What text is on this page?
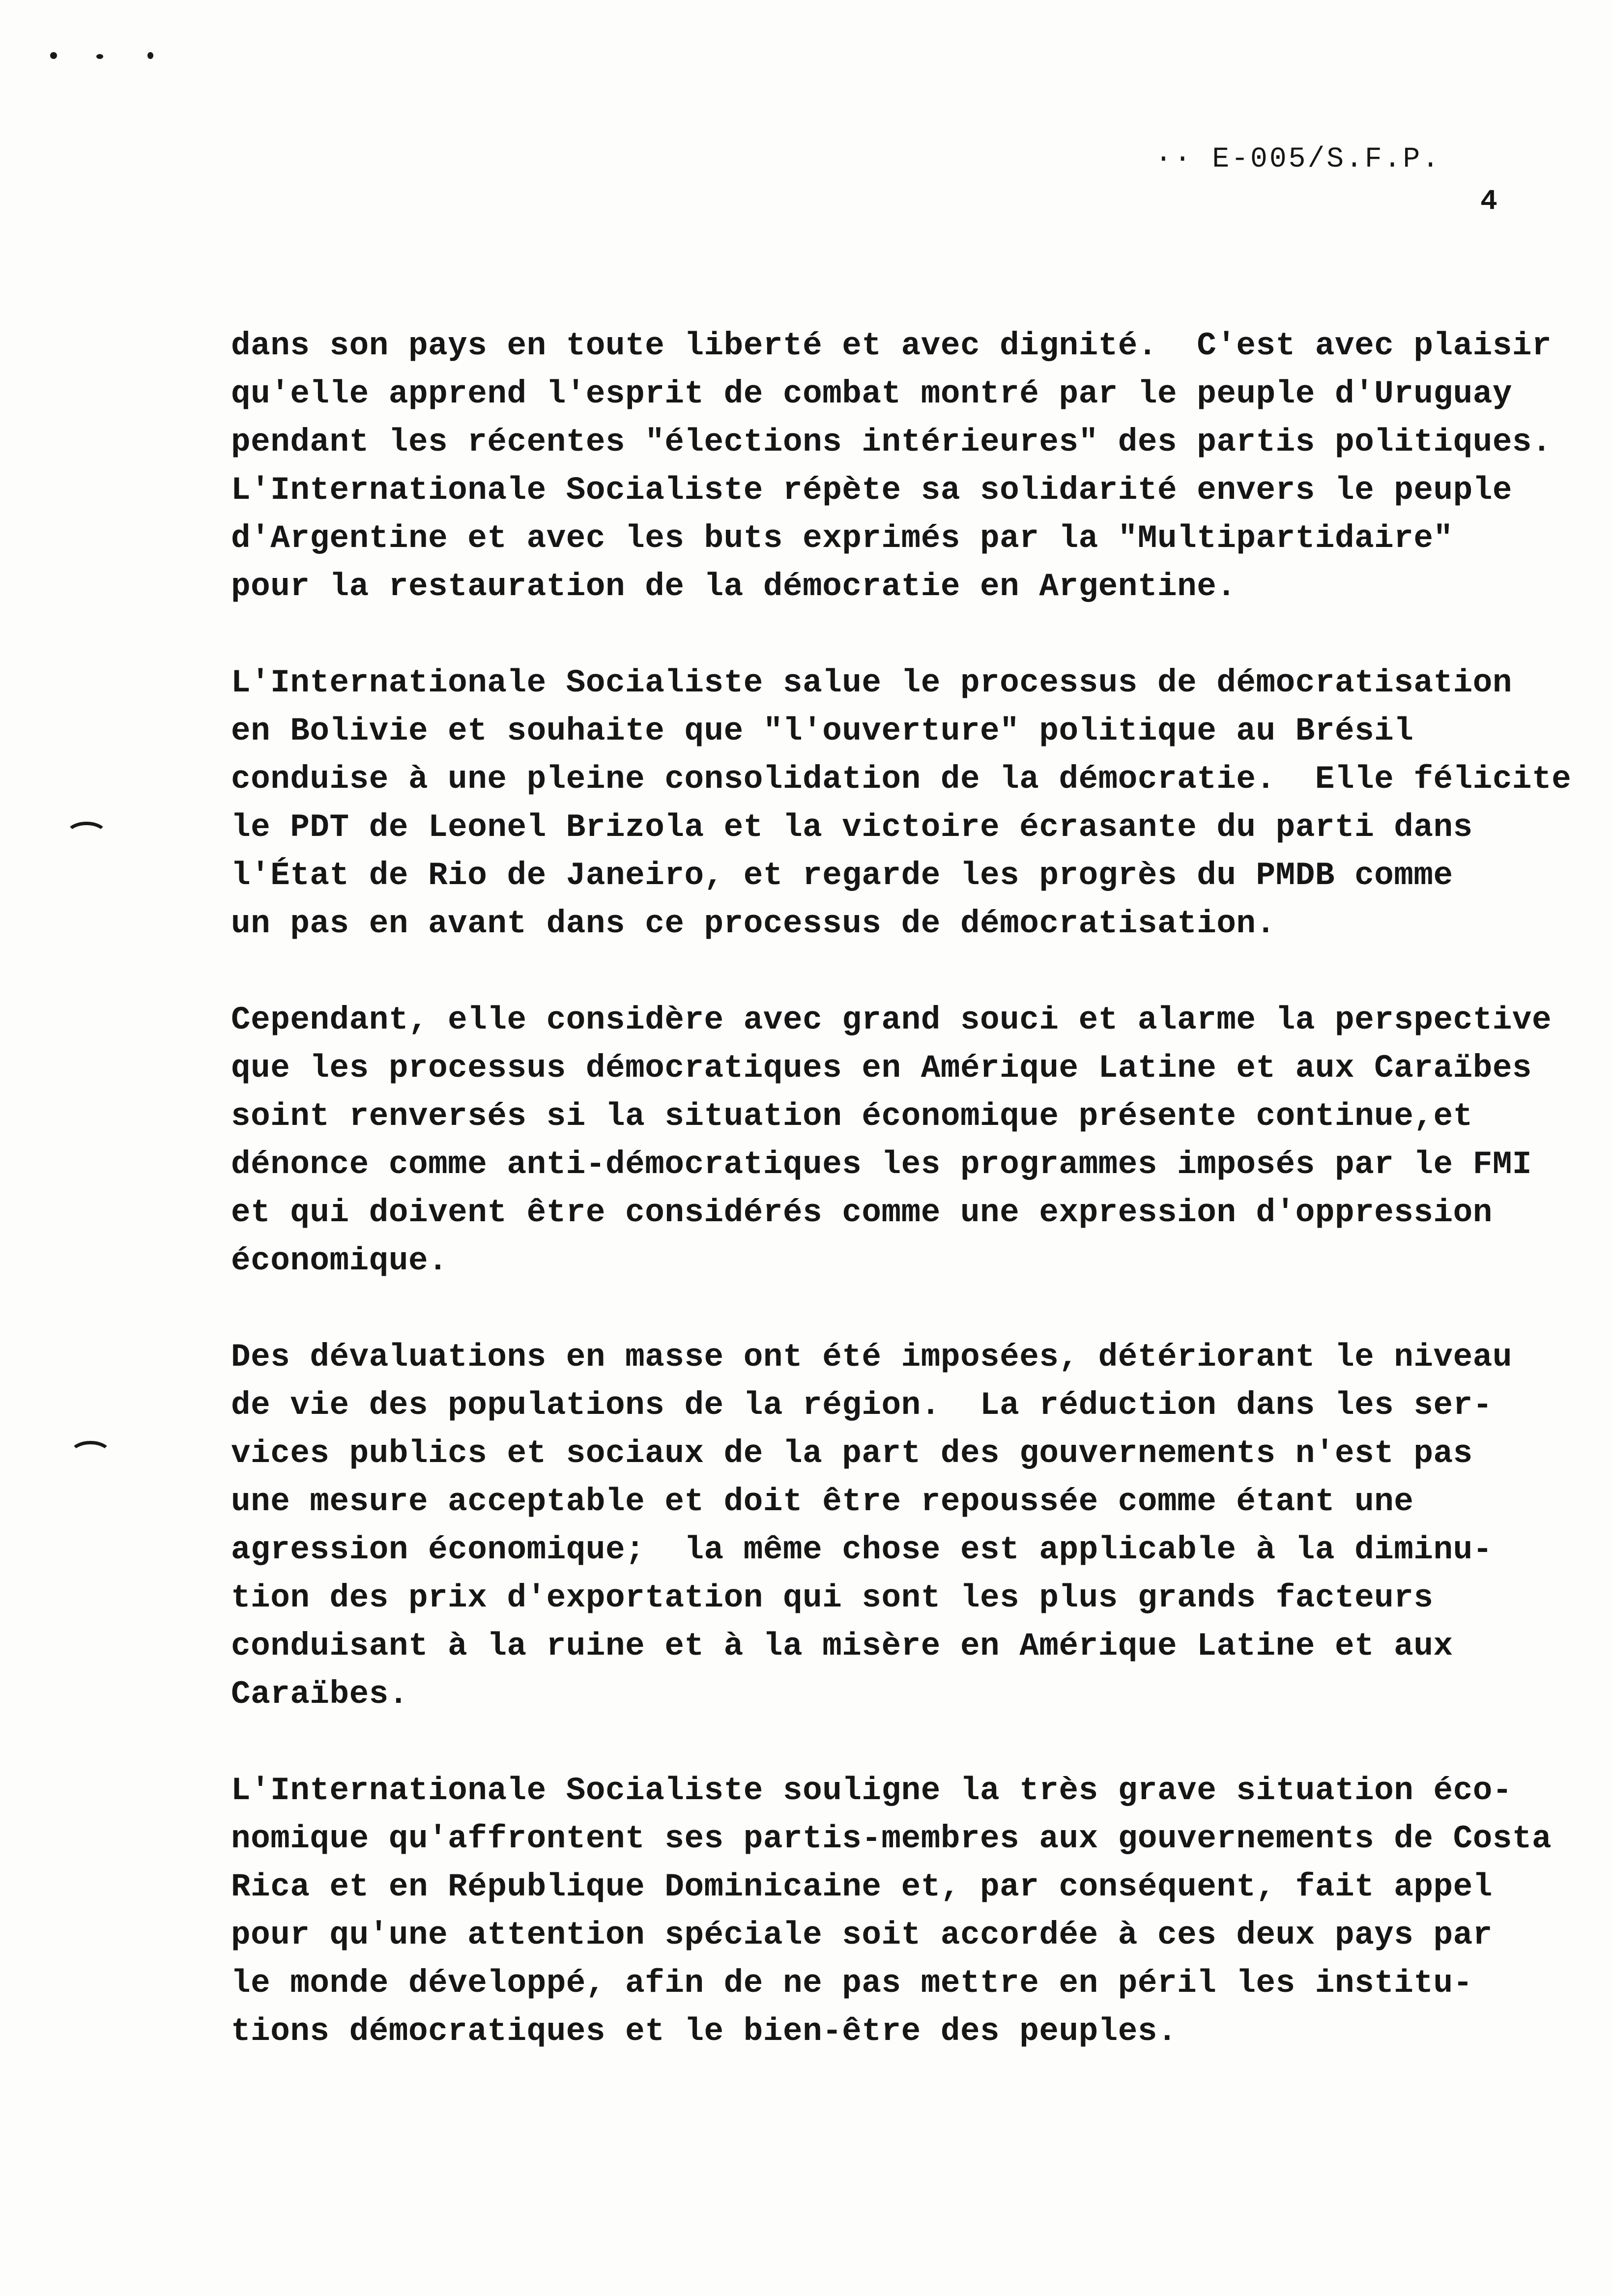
·· E-005/S.F.P.
4
dans son pays en toute liberté et avec dignité.  C'est avec plaisir
qu'elle apprend l'esprit de combat montré par le peuple d'Uruguay
pendant les récentes "élections intérieures" des partis politiques.
L'Internationale Socialiste répète sa solidarité envers le peuple
d'Argentine et avec les buts exprimés par la "Multipartidaire"
pour la restauration de la démocratie en Argentine.
L'Internationale Socialiste salue le processus de démocratisation
en Bolivie et souhaite que "l'ouverture" politique au Brésil
conduise à une pleine consolidation de la démocratie.  Elle félicite
le PDT de Leonel Brizola et la victoire écrasante du parti dans
l'État de Rio de Janeiro, et regarde les progrès du PMDB comme
un pas en avant dans ce processus de démocratisation.
Cependant, elle considère avec grand souci et alarme la perspective
que les processus démocratiques en Amérique Latine et aux Caraïbes
soint renversés si la situation économique présente continue,et
dénonce comme anti-démocratiques les programmes imposés par le FMI
et qui doivent être considérés comme une expression d'oppression
économique.
Des dévaluations en masse ont été imposées, détériorant le niveau
de vie des populations de la région.  La réduction dans les ser-
vices publics et sociaux de la part des gouvernements n'est pas
une mesure acceptable et doit être repoussée comme étant une
agression économique;  la même chose est applicable à la diminu-
tion des prix d'exportation qui sont les plus grands facteurs
conduisant à la ruine et à la misère en Amérique Latine et aux
Caraïbes.
L'Internationale Socialiste souligne la très grave situation éco-
nomique qu'affrontent ses partis-membres aux gouvernements de Costa
Rica et en République Dominicaine et, par conséquent, fait appel
pour qu'une attention spéciale soit accordée à ces deux pays par
le monde développé, afin de ne pas mettre en péril les institu-
tions démocratiques et le bien-être des peuples.
